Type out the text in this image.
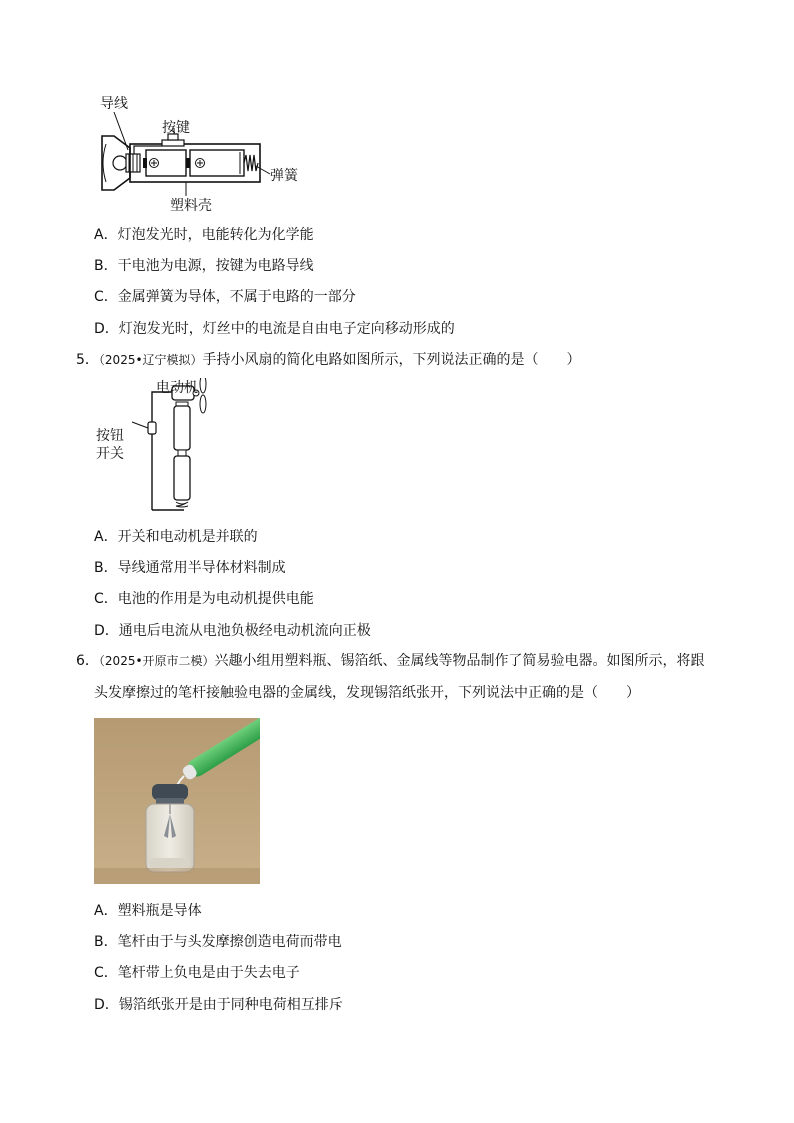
导线
按键
弹簧
塑料壳
A．灯泡发光时，电能转化为化学能
B．干电池为电源，按键为电路导线
C．金属弹簧为导体，不属于电路的一部分
D．灯泡发光时，灯丝中的电流是自由电子定向移动形成的
5．（2025•辽宁模拟）手持小风扇的简化电路如图所示，下列说法正确的是（　　）
电动机
按钮
开关
A．开关和电动机是并联的
B．导线通常用半导体材料制成
C．电池的作用是为电动机提供电能
D．通电后电流从电池负极经电动机流向正极
6．（2025•开原市二模）兴趣小组用塑料瓶、锡箔纸、金属线等物品制作了简易验电器。如图所示，将跟
头发摩擦过的笔杆接触验电器的金属线，发现锡箔纸张开，下列说法中正确的是（　　）
A．塑料瓶是导体
B．笔杆由于与头发摩擦创造电荷而带电
C．笔杆带上负电是由于失去电子
D．锡箔纸张开是由于同种电荷相互排斥
